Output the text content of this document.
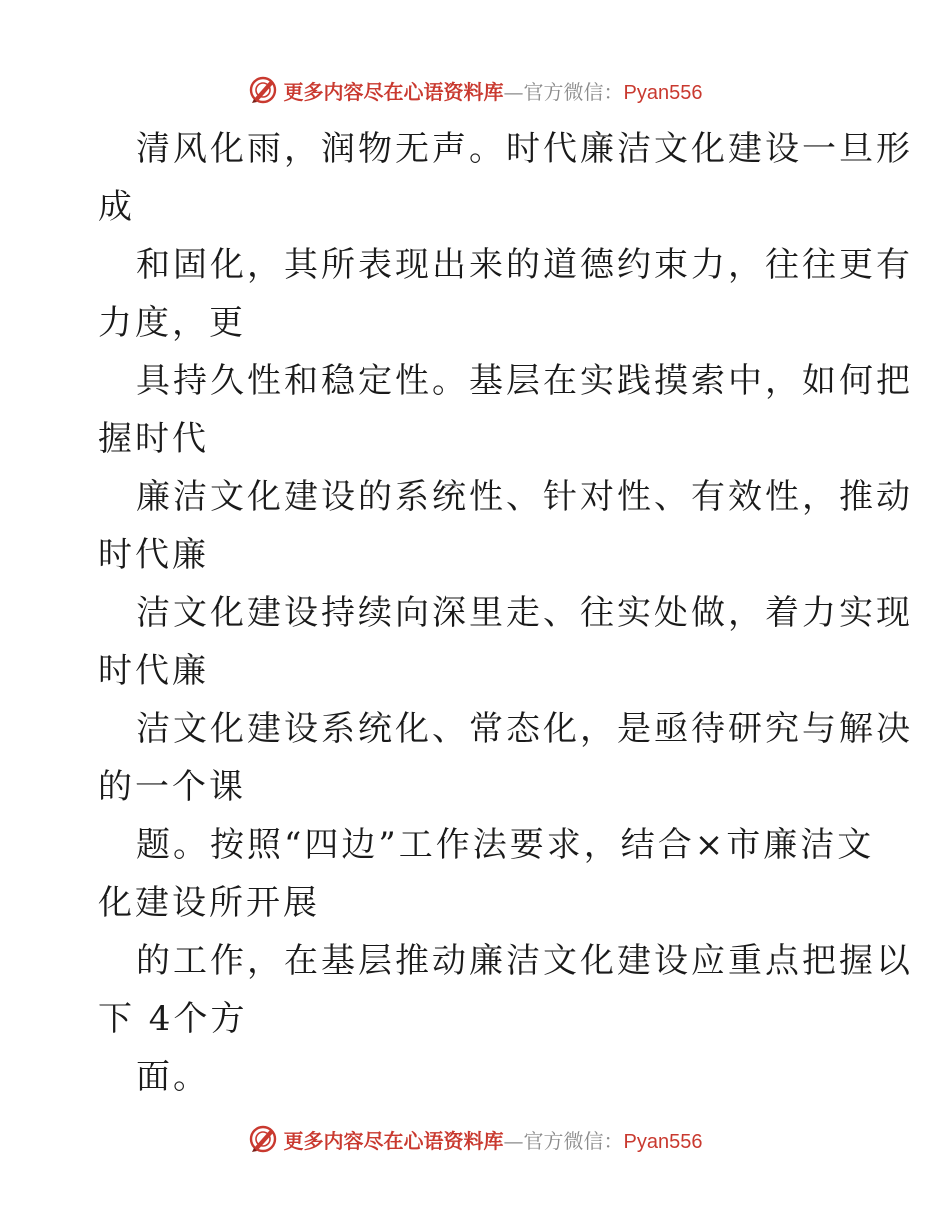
更多内容尽在心语资料库—官方微信：Pyan556
清风化雨，润物无声。时代廉洁文化建设一旦形
成
和固化，其所表现出来的道德约束力，往往更有
力度，更
具持久性和稳定性。基层在实践摸索中，如何把
握时代
廉洁文化建设的系统性、针对性、有效性，推动
时代廉
洁文化建设持续向深里走、往实处做，着力实现
时代廉
洁文化建设系统化、常态化，是亟待研究与解决
的一个课
题。按照“四边”工作法要求，结合×市廉洁文
化建设所开展
的工作，在基层推动廉洁文化建设应重点把握以
下 4个方
面。
更多内容尽在心语资料库—官方微信：Pyan556
